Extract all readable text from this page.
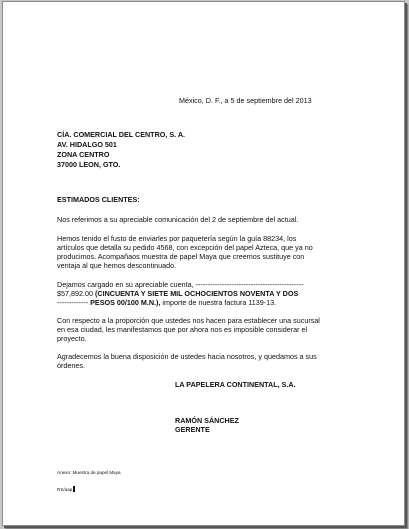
México, D. F., a 5 de septiembre del 2013
CÍA. COMERCIAL DEL CENTRO, S. A.
AV. HIDALGO 501
ZONA CENTRO
37000 LEON, GTO.
ESTIMADOS CLIENTES:
Nos referimos a su apreciable comunicación del 2 de septiembre del actual.
Hemos tenido el fusto de enviarles por paquetería según la guía 88234, los
artículos que detalla su pedido 4568, con excepción del papel Azteca, que ya no
producimos. Acompañaos muestra de papel Maya que creemos sustituye con
ventaja al que hemos descontinuado.
Dejamos cargado en su apreciable cuenta, ---------------------------------------------
$57,892.00 (CINCUENTA Y SIETE MIL OCHOCIENTOS NOVENTA Y DOS
------------- PESOS 00/100 M.N.), importe de nuestra factura 1139-13.
Con respecto a la proporción que ustedes nos hacen para establecer una sucursal
en esa ciudad, les manifestamos que por ahora nos es imposible considerar el
proyecto.
Agradecemos la buena disposición de ustedes hacia nosotros, y quedamos a sus
órdenes.
LA PAPELERA CONTINENTAL, S.A.
RAMÓN SÁNCHEZ
GERENTE
Anexo: Muestra de papel Maya
RS/aap
